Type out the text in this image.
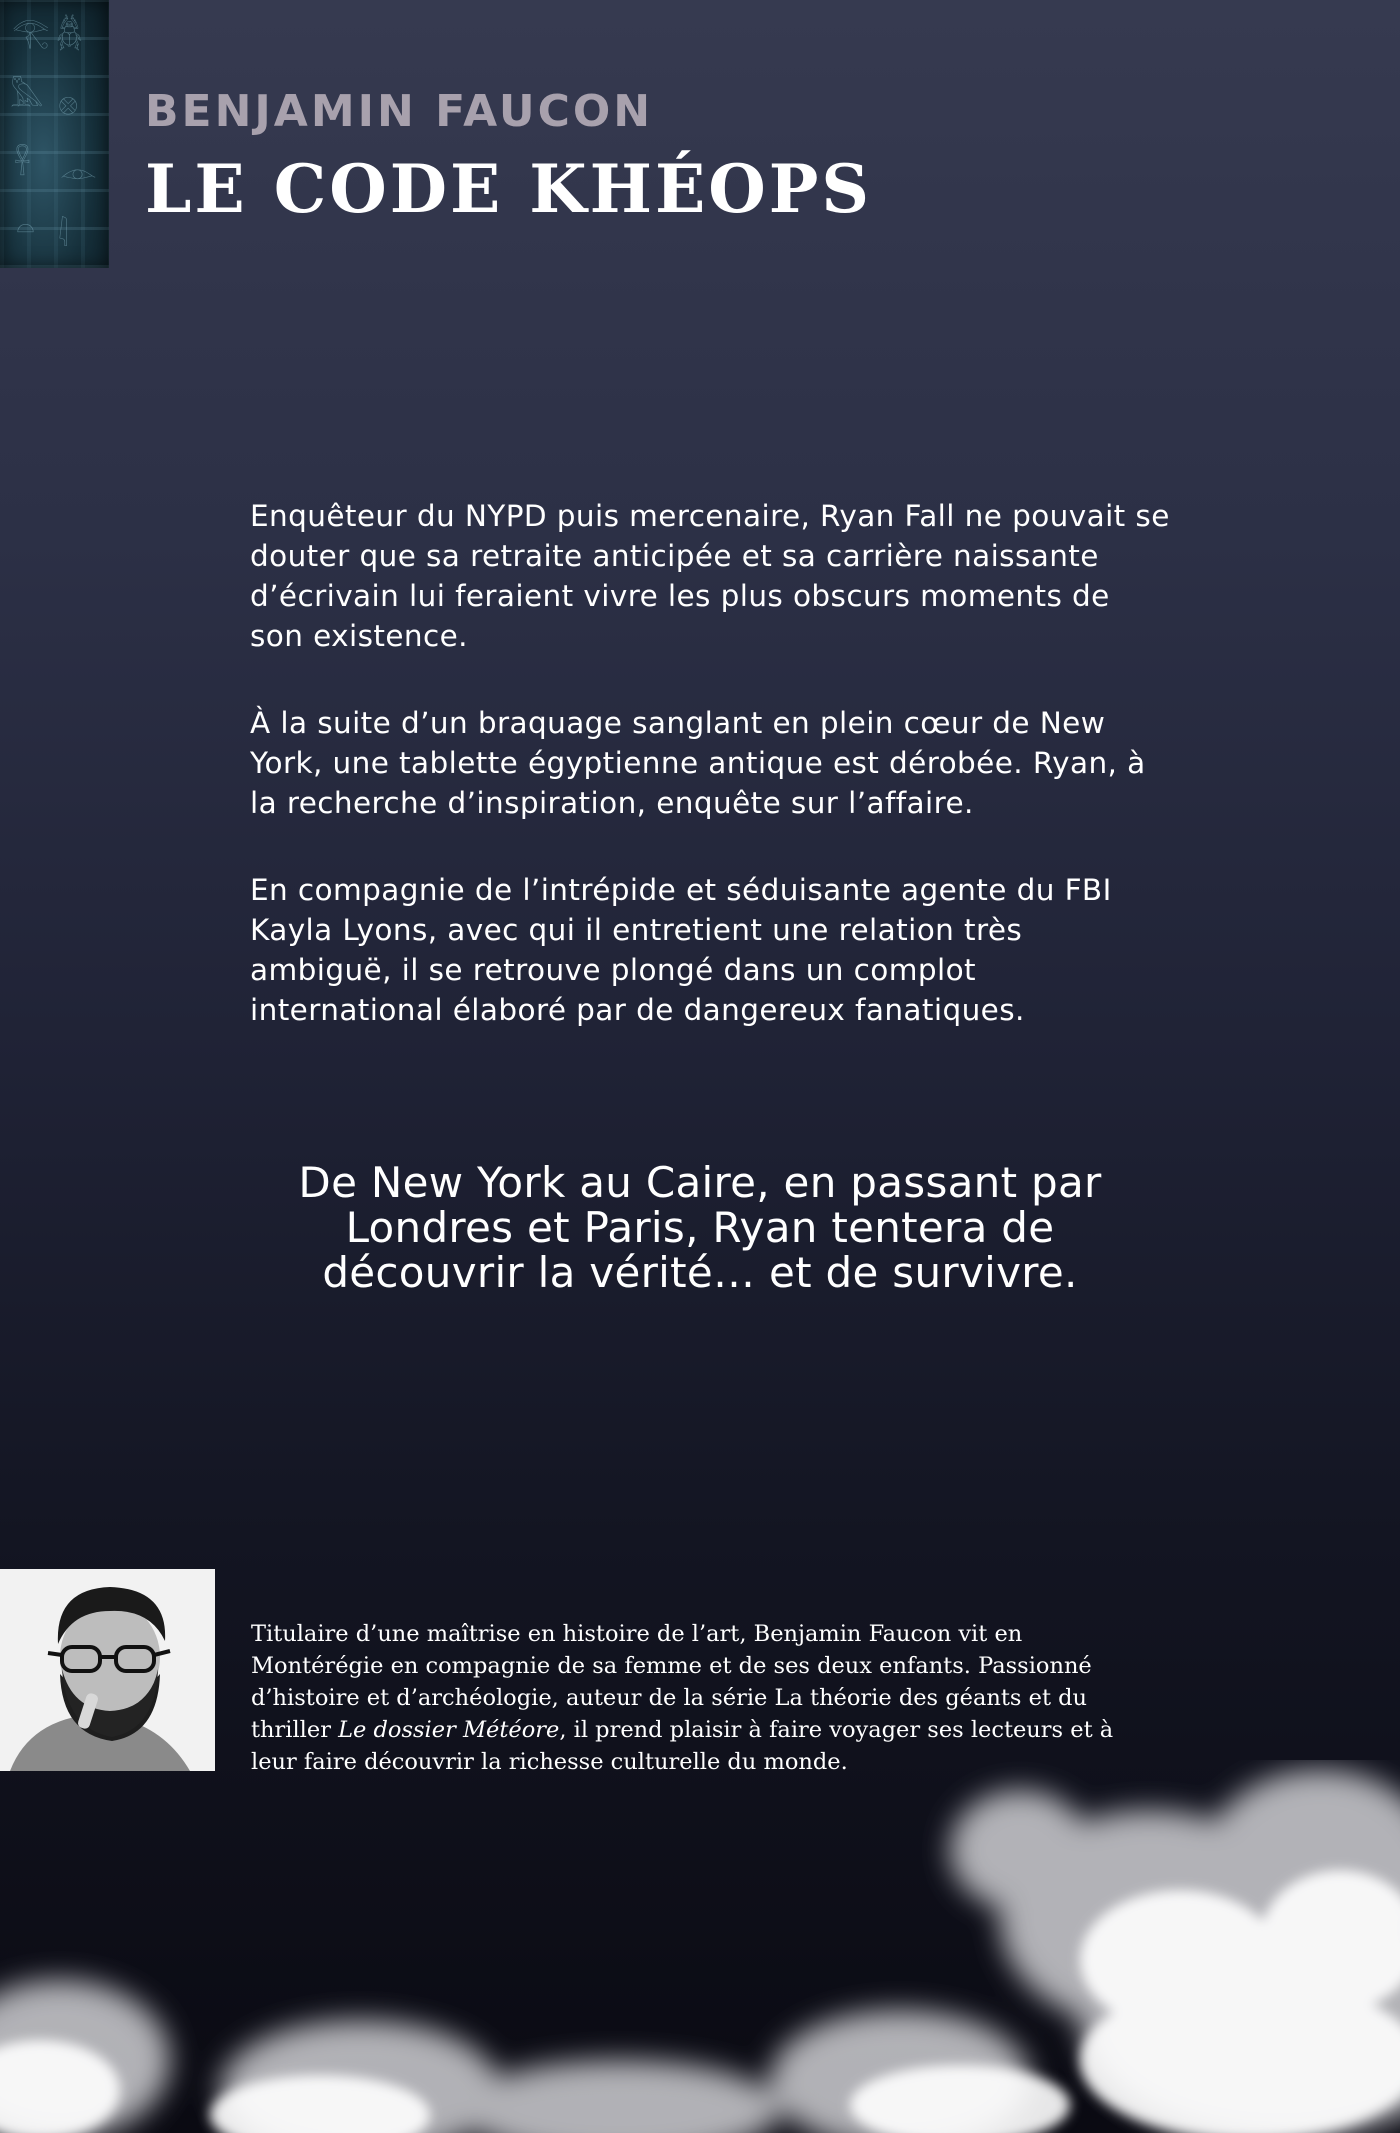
𓂀 𓆣
𓅓 𓊖
𓋹 𓁹
𓏏 𓇋
BENJAMIN FAUCON
LE CODE KHÉOPS

Enquêteur du NYPD puis mercenaire, Ryan Fall ne pouvait se douter que sa retraite anticipée et sa carrière naissante d’écrivain lui feraient vivre les plus obscurs moments de son existence.

À la suite d’un braquage sanglant en plein cœur de New York, une tablette égyptienne antique est dérobée. Ryan, à la recherche d’inspiration, enquête sur l’affaire.

En compagnie de l’intrépide et séduisante agente du FBI Kayla Lyons, avec qui il entretient une relation très ambiguë, il se retrouve plongé dans un complot international élaboré par de dangereux fanatiques.

De New York au Caire, en passant par Londres et Paris, Ryan tentera de découvrir la vérité… et de survivre.

Titulaire d’une maîtrise en histoire de l’art, Benjamin Faucon vit en Montérégie en compagnie de sa femme et de ses deux enfants. Passionné d’histoire et d’archéologie, auteur de la série La théorie des géants et du thriller Le dossier Météore, il prend plaisir à faire voyager ses lecteurs et à leur faire découvrir la richesse culturelle du monde.
